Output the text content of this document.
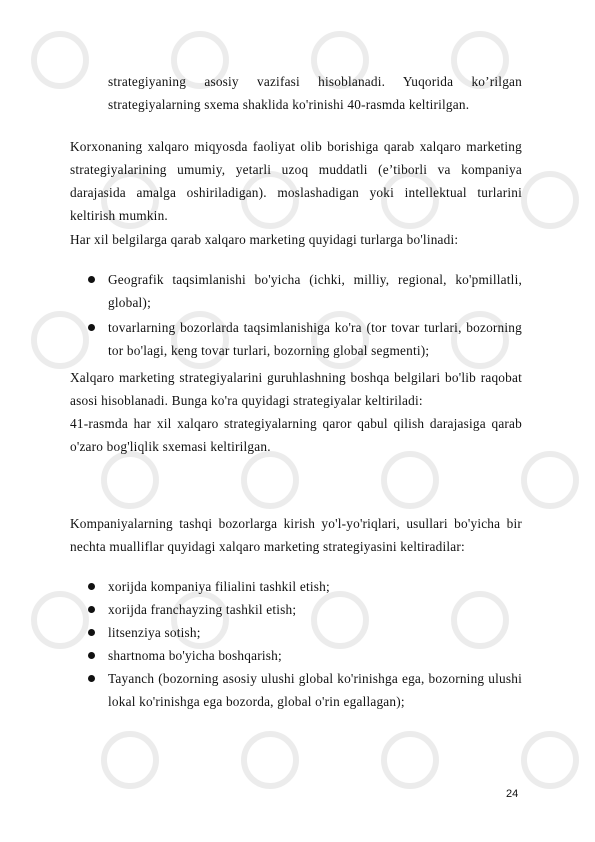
strategiyaning asosiy vazifasi hisoblanadi. Yuqorida ko’rilgan strategiyalarning sxema shaklida ko'rinishi 40-rasmda keltirilgan.

Korxonaning xalqaro miqyosda faoliyat olib borishiga qarab xalqaro marketing strategiyalarining umumiy, yetarli uzoq muddatli (e’tiborli va kompaniya darajasida amalga oshiriladigan). moslashadigan yoki intellektual turlarini keltirish mumkin.

Har xil belgilarga qarab xalqaro marketing quyidagi turlarga bo'linadi:

Geografik taqsimlanishi bo'yicha (ichki, milliy, regional, ko'pmillatli, global);
tovarlarning bozorlarda taqsimlanishiga ko'ra (tor tovar turlari, bozorning tor bo'lagi, keng tovar turlari, bozorning global segmenti);

Xalqaro marketing strategiyalarini guruhlashning boshqa belgilari bo'lib raqobat asosi hisoblanadi. Bunga ko'ra quyidagi strategiyalar keltiriladi:

41-rasmda har xil xalqaro strategiyalarning qaror qabul qilish darajasiga qarab o'zaro bog'liqlik sxemasi keltirilgan.

Kompaniyalarning tashqi bozorlarga kirish yo'l-yo'riqlari, usullari bo'yicha bir nechta mualliflar quyidagi xalqaro marketing strategiyasini keltiradilar:

xorijda kompaniya filialini tashkil etish;
xorijda franchayzing tashkil etish;
litsenziya sotish;
shartnoma bo'yicha boshqarish;
Tayanch (bozorning asosiy ulushi global ko'rinishga ega, bozorning ulushi lokal ko'rinishga ega bozorda, global o'rin egallagan);
24
